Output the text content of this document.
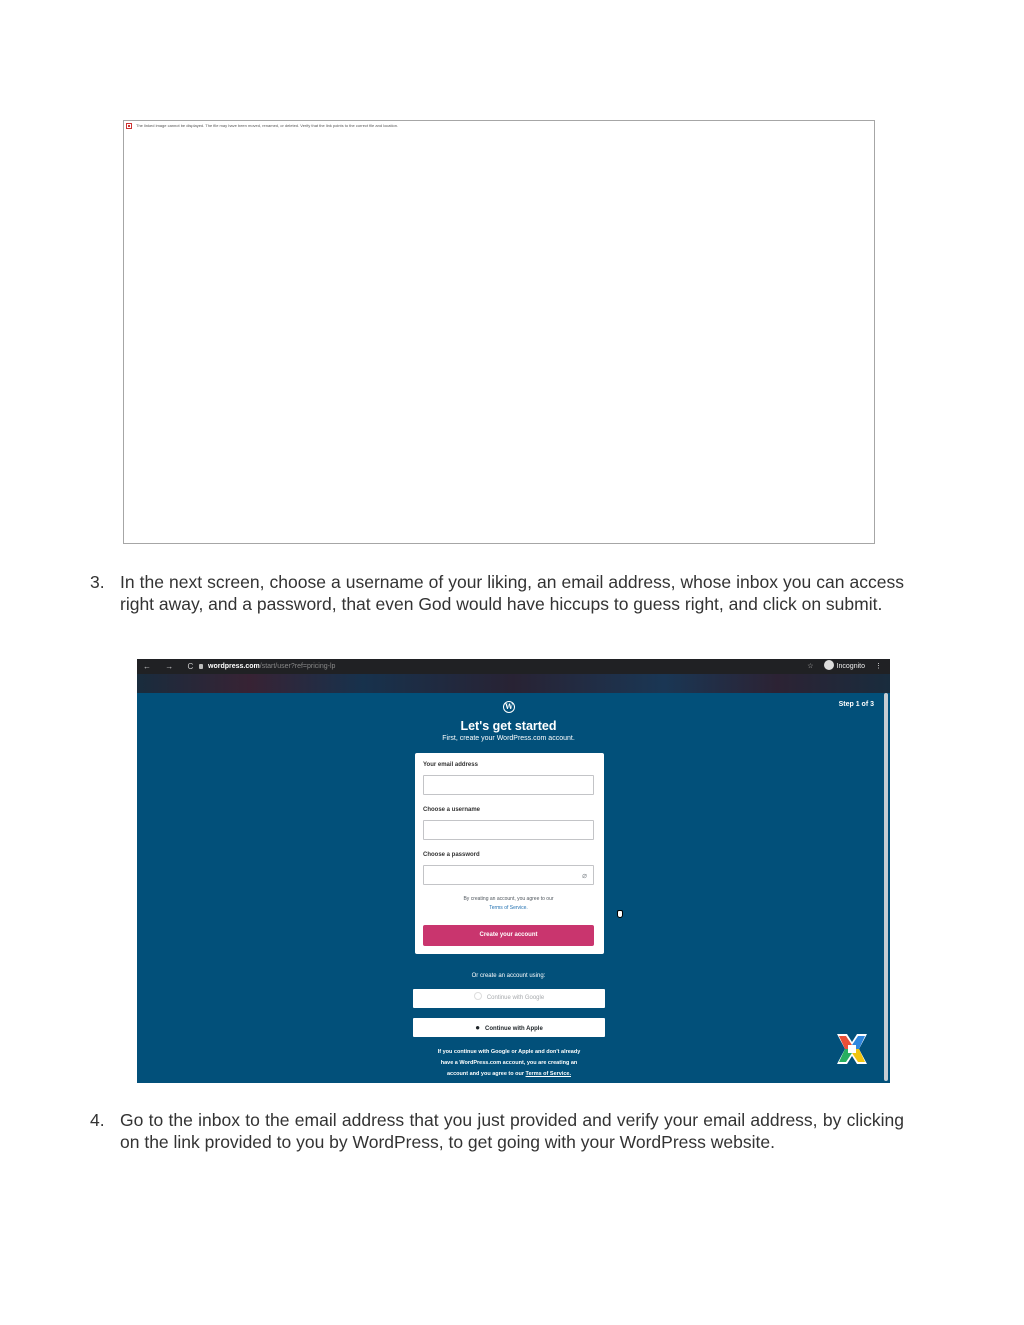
The linked image cannot be displayed. The file may have been moved, renamed, or deleted. Verify that the link points to the correct file and location.
3. In the next screen, choose a username of your liking, an email address, whose inbox you can access right away, and a password, that even God would have hiccups to guess right, and click on submit.
← → C	wordpress.com/start/user?ref=pricing-lp	☆	Incognito ⋮
W	Step 1 of 3
Let's get started
First, create your WordPress.com account.
Your email address
Choose a username
Choose a password
⌀
By creating an account, you agree to our
Terms of Service.
Create your account
Or create an account using:
Continue with Google
● Continue with Apple
If you continue with Google or Apple and don't already
have a WordPress.com account, you are creating an
account and you agree to our Terms of Service.
4. Go to the inbox to the email address that you just provided and verify your email address, by clicking on the link provided to you by WordPress, to get going with your WordPress website.
